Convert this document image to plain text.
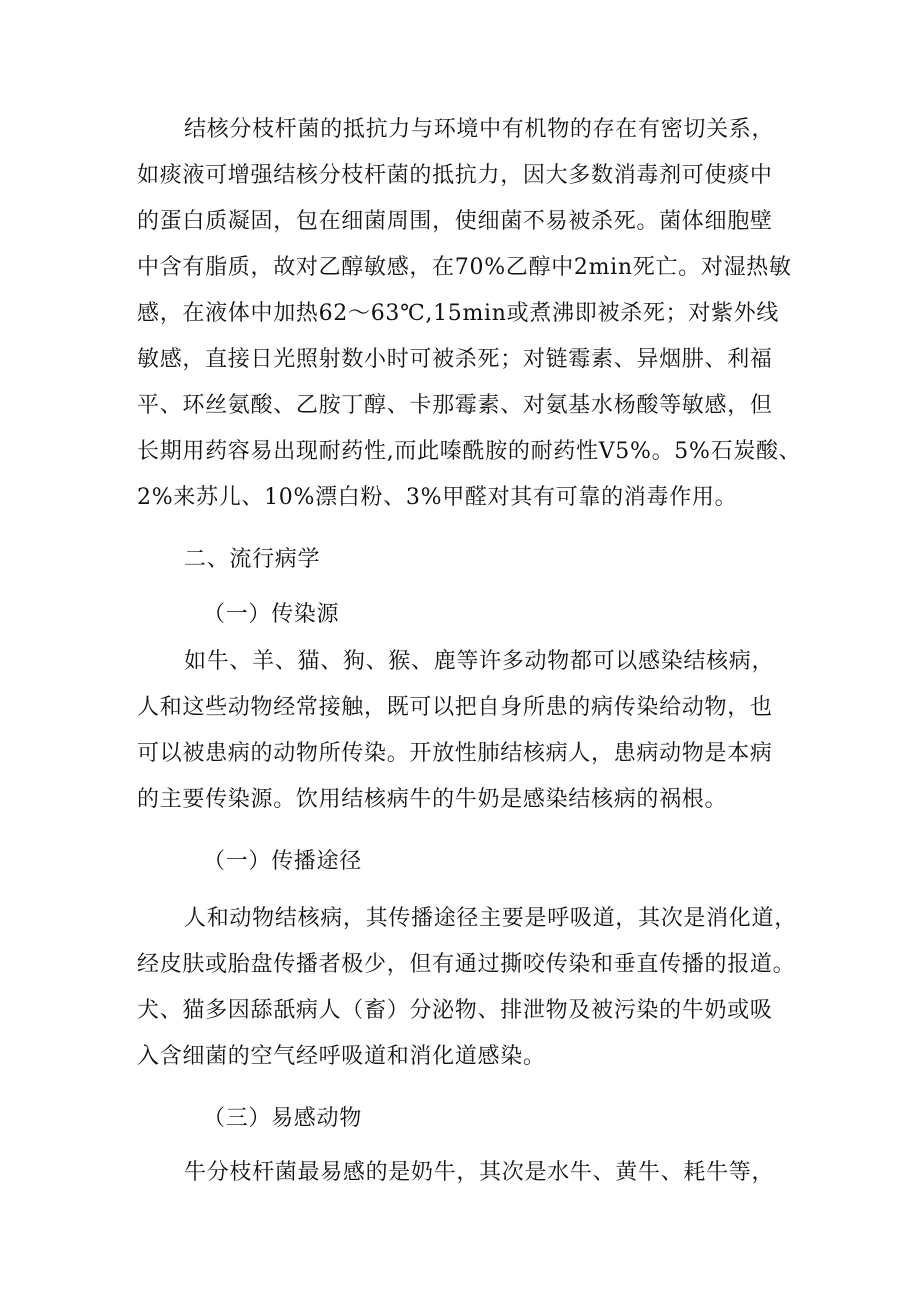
结核分枝杆菌的抵抗力与环境中有机物的存在有密切关系，
如痰液可增强结核分枝杆菌的抵抗力，因大多数消毒剂可使痰中
的蛋白质凝固，包在细菌周围，使细菌不易被杀死。菌体细胞壁
中含有脂质，故对乙醇敏感，在70%乙醇中2min死亡。对湿热敏
感，在液体中加热62～63℃,15min或煮沸即被杀死；对紫外线
敏感，直接日光照射数小时可被杀死；对链霉素、异烟肼、利福
平、环丝氨酸、乙胺丁醇、卡那霉素、对氨基水杨酸等敏感，但
长期用药容易出现耐药性,而此嗪酰胺的耐药性V5%。5%石炭酸、
2%来苏儿、10%漂白粉、3%甲醛对其有可靠的消毒作用。
二、流行病学
（一）传染源
如牛、羊、猫、狗、猴、鹿等许多动物都可以感染结核病，
人和这些动物经常接触，既可以把自身所患的病传染给动物，也
可以被患病的动物所传染。开放性肺结核病人，患病动物是本病
的主要传染源。饮用结核病牛的牛奶是感染结核病的祸根。
（一）传播途径
人和动物结核病，其传播途径主要是呼吸道，其次是消化道，
经皮肤或胎盘传播者极少，但有通过撕咬传染和垂直传播的报道。
犬、猫多因舔舐病人（畜）分泌物、排泄物及被污染的牛奶或吸
入含细菌的空气经呼吸道和消化道感染。
（三）易感动物
牛分枝杆菌最易感的是奶牛，其次是水牛、黄牛、耗牛等，
